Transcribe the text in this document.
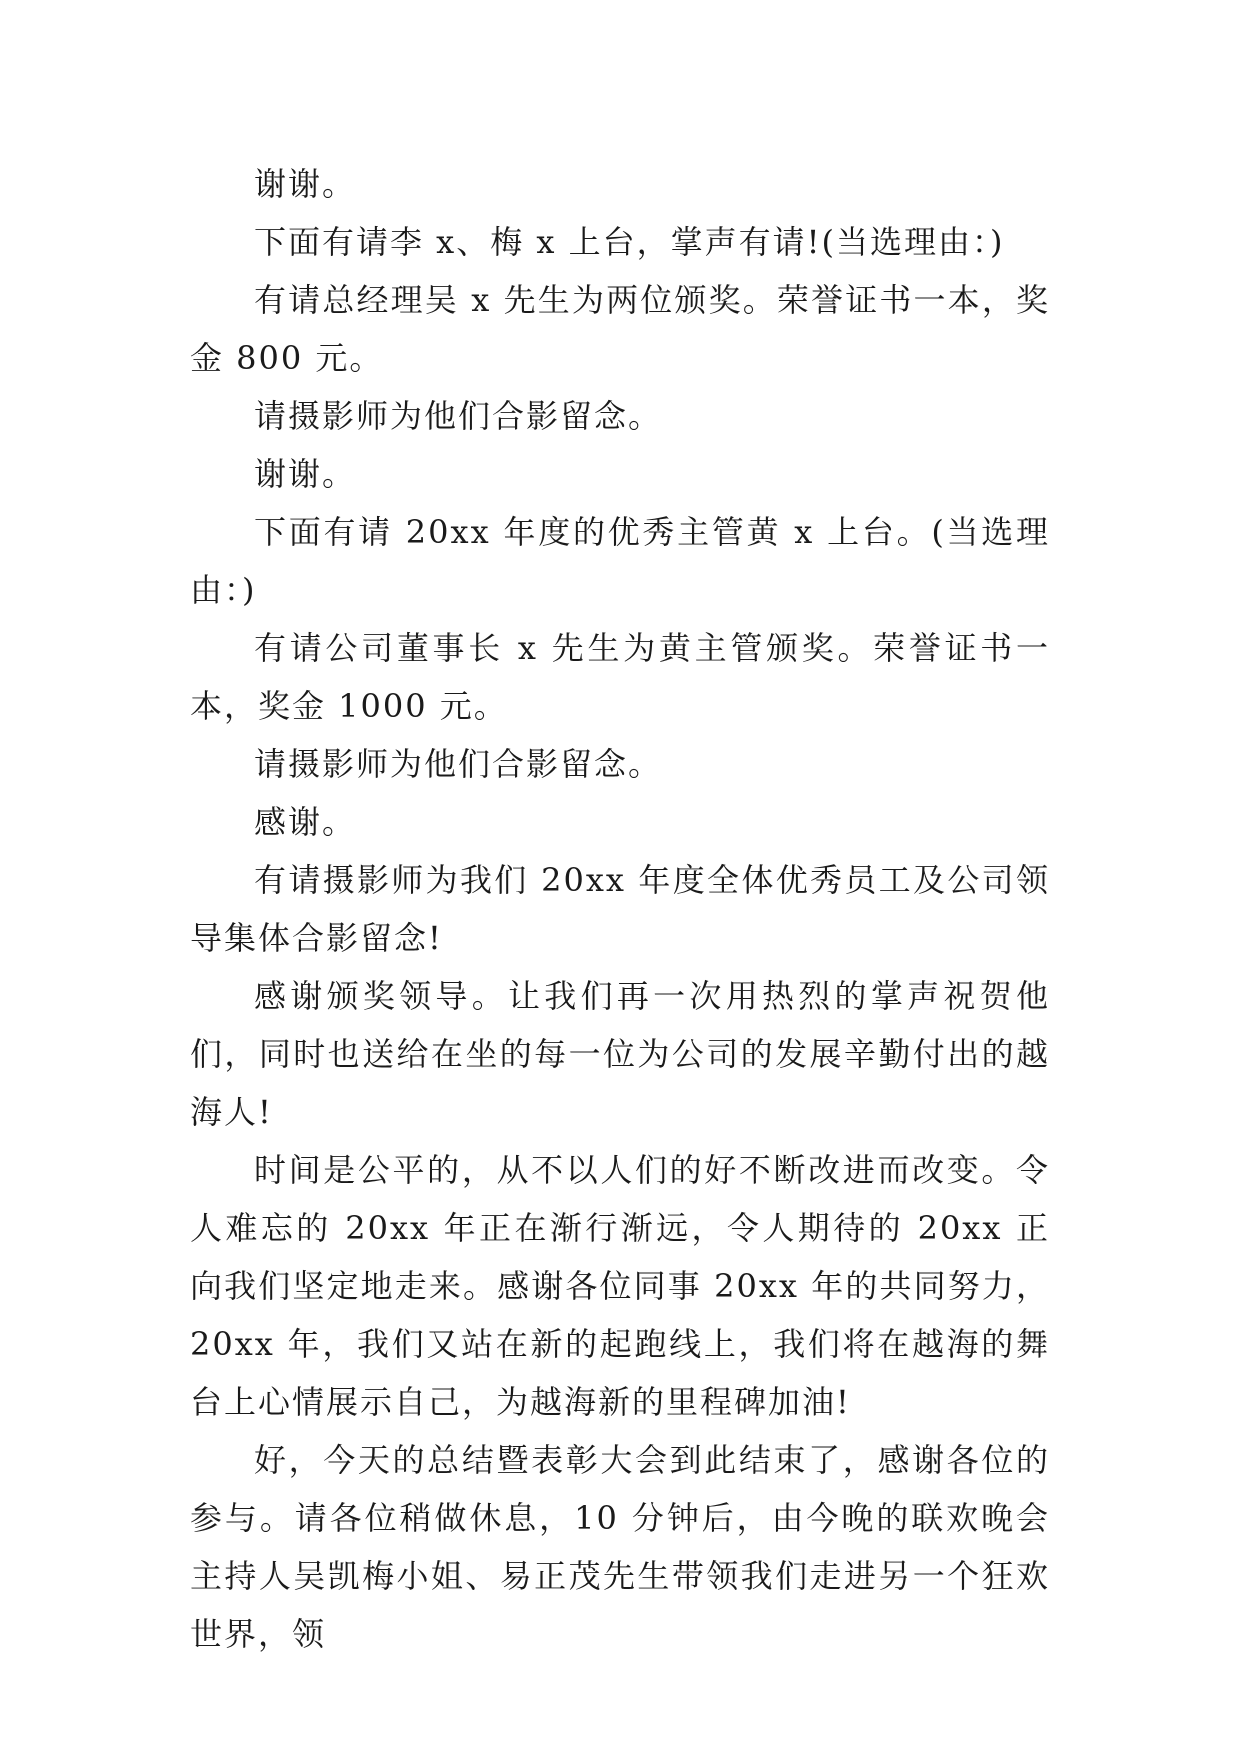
谢谢。

下面有请李 x、梅 x 上台，掌声有请!(当选理由：)

有请总经理吴 x 先生为两位颁奖。荣誉证书一本，奖金 800 元。

请摄影师为他们合影留念。

谢谢。

下面有请 20xx 年度的优秀主管黄 x 上台。(当选理由：)

有请公司董事长 x 先生为黄主管颁奖。荣誉证书一本，奖金 1000 元。

请摄影师为他们合影留念。

感谢。

有请摄影师为我们 20xx 年度全体优秀员工及公司领导集体合影留念!

感谢颁奖领导。让我们再一次用热烈的掌声祝贺他们，同时也送给在坐的每一位为公司的发展辛勤付出的越海人!

时间是公平的，从不以人们的好不断改进而改变。令人难忘的 20xx 年正在渐行渐远，令人期待的 20xx 正向我们坚定地走来。感谢各位同事 20xx 年的共同努力，20xx 年，我们又站在新的起跑线上，我们将在越海的舞台上心情展示自己，为越海新的里程碑加油!

好，今天的总结暨表彰大会到此结束了，感谢各位的参与。请各位稍做休息，10 分钟后，由今晚的联欢晚会主持人吴凯梅小姐、易正茂先生带领我们走进另一个狂欢世界，领
